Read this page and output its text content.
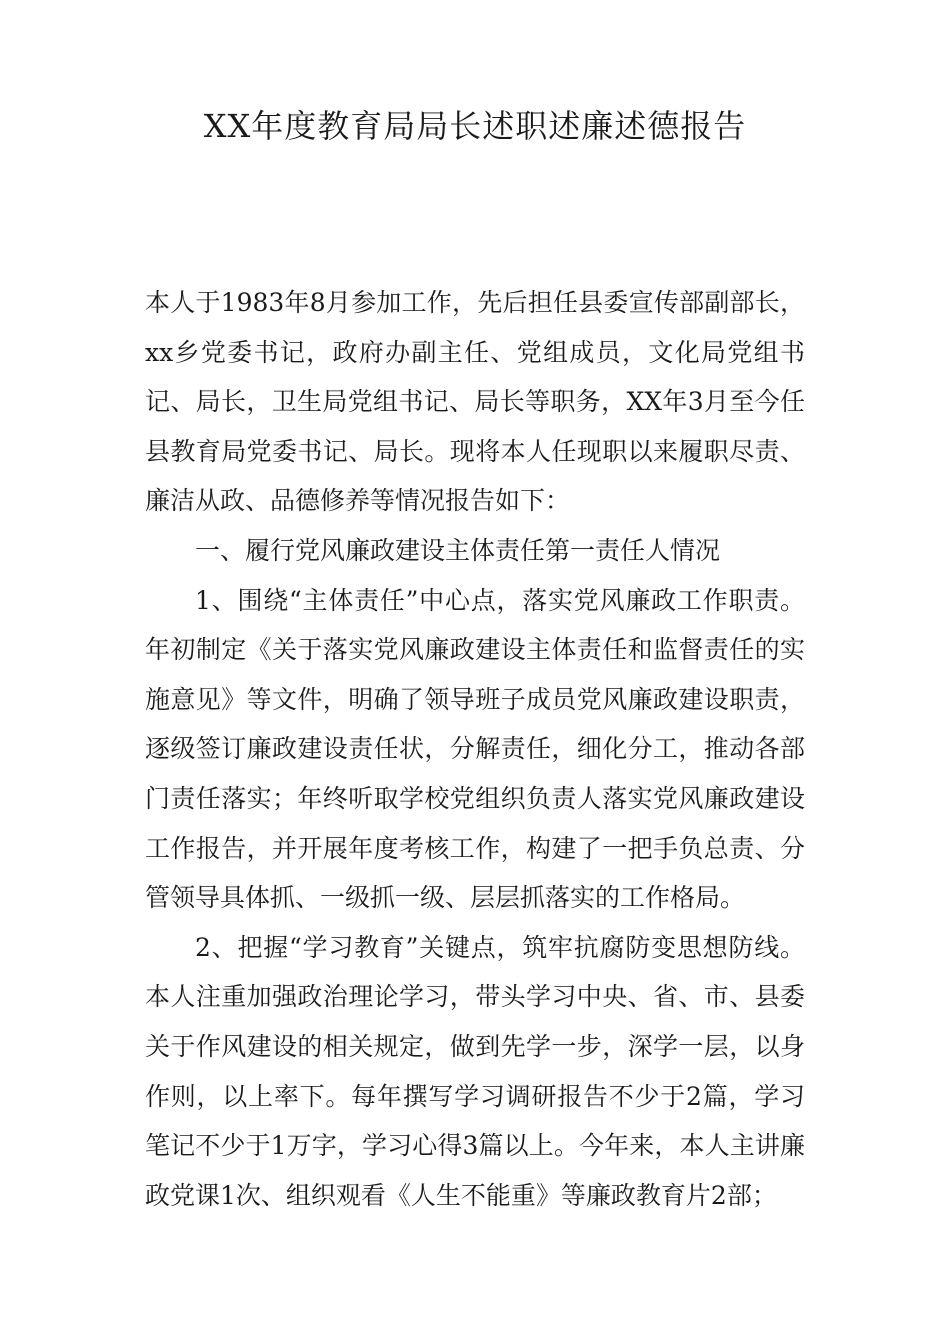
XX年度教育局局长述职述廉述德报告

本人于1983年8月参加工作，先后担任县委宣传部副部长，xx乡党委书记，政府办副主任、党组成员，文化局党组书记、局长，卫生局党组书记、局长等职务，XX年3月至今任县教育局党委书记、局长。现将本人任现职以来履职尽责、廉洁从政、品德修养等情况报告如下：

一、履行党风廉政建设主体责任第一责任人情况

1、围绕“主体责任”中心点，落实党风廉政工作职责。年初制定《关于落实党风廉政建设主体责任和监督责任的实施意见》等文件，明确了领导班子成员党风廉政建设职责，逐级签订廉政建设责任状，分解责任，细化分工，推动各部门责任落实；年终听取学校党组织负责人落实党风廉政建设工作报告，并开展年度考核工作，构建了一把手负总责、分管领导具体抓、一级抓一级、层层抓落实的工作格局。

2、把握“学习教育”关键点，筑牢抗腐防变思想防线。本人注重加强政治理论学习，带头学习中央、省、市、县委关于作风建设的相关规定，做到先学一步，深学一层，以身作则，以上率下。每年撰写学习调研报告不少于2篇，学习笔记不少于1万字，学习心得3篇以上。今年来，本人主讲廉政党课1次、组织观看《人生不能重》等廉政教育片2部；
